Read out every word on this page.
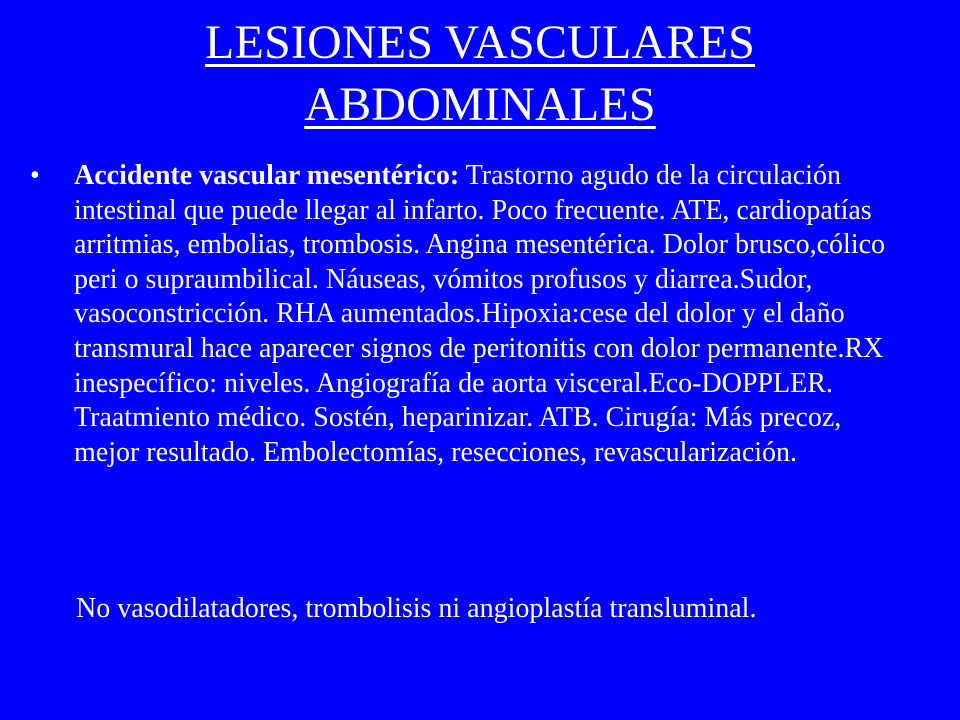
LESIONES VASCULARES
ABDOMINALES

• Accidente vascular mesentérico: Trastorno agudo de la circulación intestinal que puede llegar al infarto. Poco frecuente. ATE, cardiopatías arritmias, embolias, trombosis. Angina mesentérica. Dolor brusco,cólico peri o supraumbilical. Náuseas, vómitos profusos y diarrea.Sudor, vasoconstricción. RHA aumentados.Hipoxia:cese del dolor y el daño transmural hace aparecer signos de peritonitis con dolor permanente.RX inespecífico: niveles. Angiografía de aorta visceral.Eco-DOPPLER. Traatmiento médico. Sostén, heparinizar. ATB. Cirugía: Más precoz, mejor resultado. Embolectomías, resecciones, revascularización.

No vasodilatadores, trombolisis ni angioplastía transluminal.
